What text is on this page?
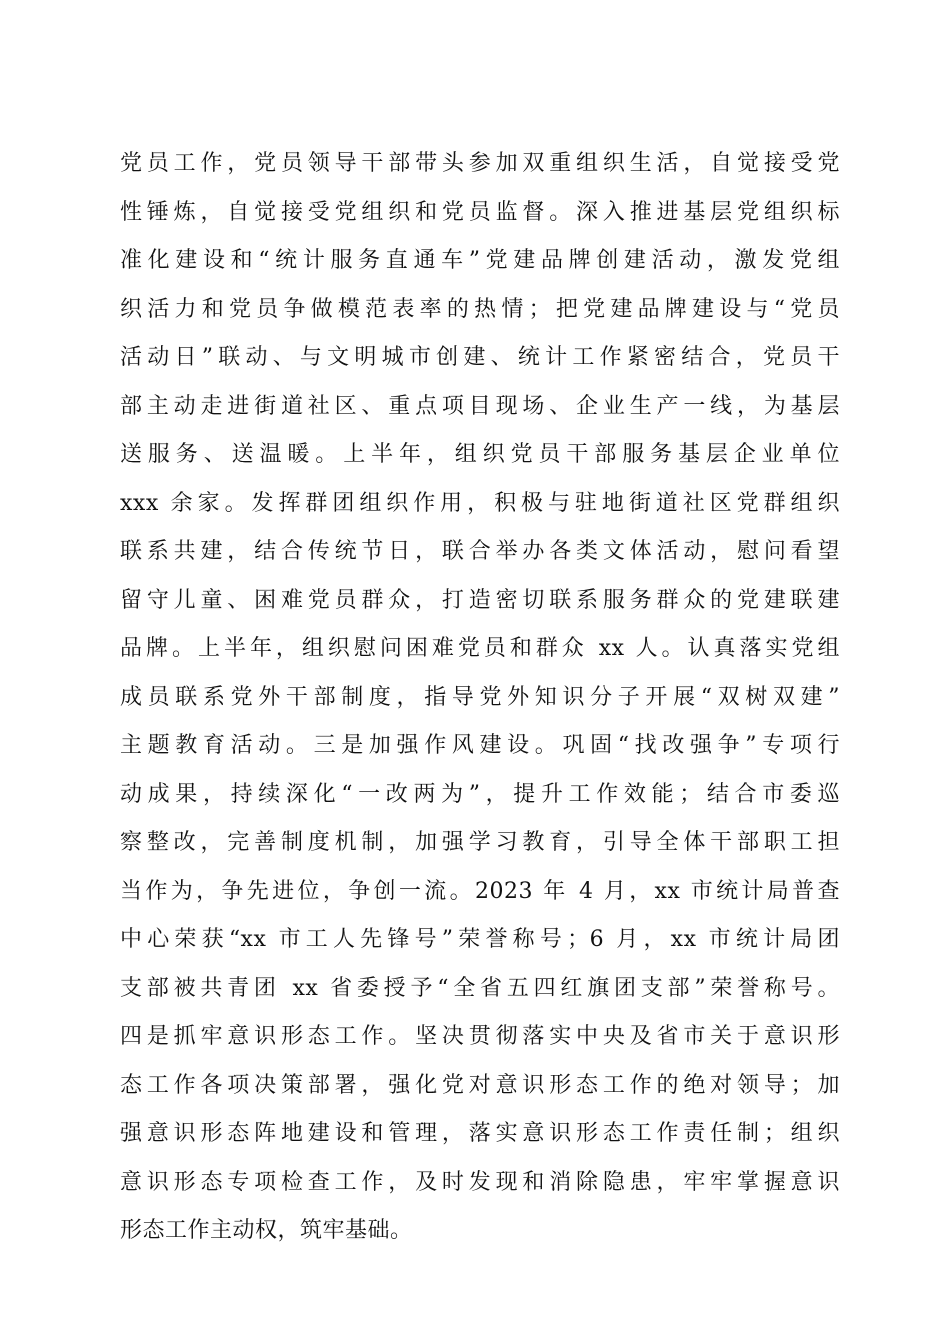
党员工作，党员领导干部带头参加双重组织生活，自觉接受党
性锤炼，自觉接受党组织和党员监督。深入推进基层党组织标
准化建设和“统计服务直通车”党建品牌创建活动，激发党组
织活力和党员争做模范表率的热情；把党建品牌建设与“党员
活动日”联动、与文明城市创建、统计工作紧密结合，党员干
部主动走进街道社区、重点项目现场、企业生产一线，为基层
送服务、送温暖。上半年，组织党员干部服务基层企业单位
xxx 余家。发挥群团组织作用，积极与驻地街道社区党群组织
联系共建，结合传统节日，联合举办各类文体活动，慰问看望
留守儿童、困难党员群众，打造密切联系服务群众的党建联建
品牌。上半年，组织慰问困难党员和群众 xx 人。认真落实党组
成员联系党外干部制度，指导党外知识分子开展“双树双建”
主题教育活动。三是加强作风建设。巩固“找改强争”专项行
动成果，持续深化“一改两为”，提升工作效能；结合市委巡
察整改，完善制度机制，加强学习教育，引导全体干部职工担
当作为，争先进位，争创一流。2023 年 4 月，xx 市统计局普查
中心荣获“xx 市工人先锋号”荣誉称号；6 月，xx 市统计局团
支部被共青团 xx 省委授予“全省五四红旗团支部”荣誉称号。
四是抓牢意识形态工作。坚决贯彻落实中央及省市关于意识形
态工作各项决策部署，强化党对意识形态工作的绝对领导；加
强意识形态阵地建设和管理，落实意识形态工作责任制；组织
意识形态专项检查工作，及时发现和消除隐患，牢牢掌握意识
形态工作主动权，筑牢基础。
